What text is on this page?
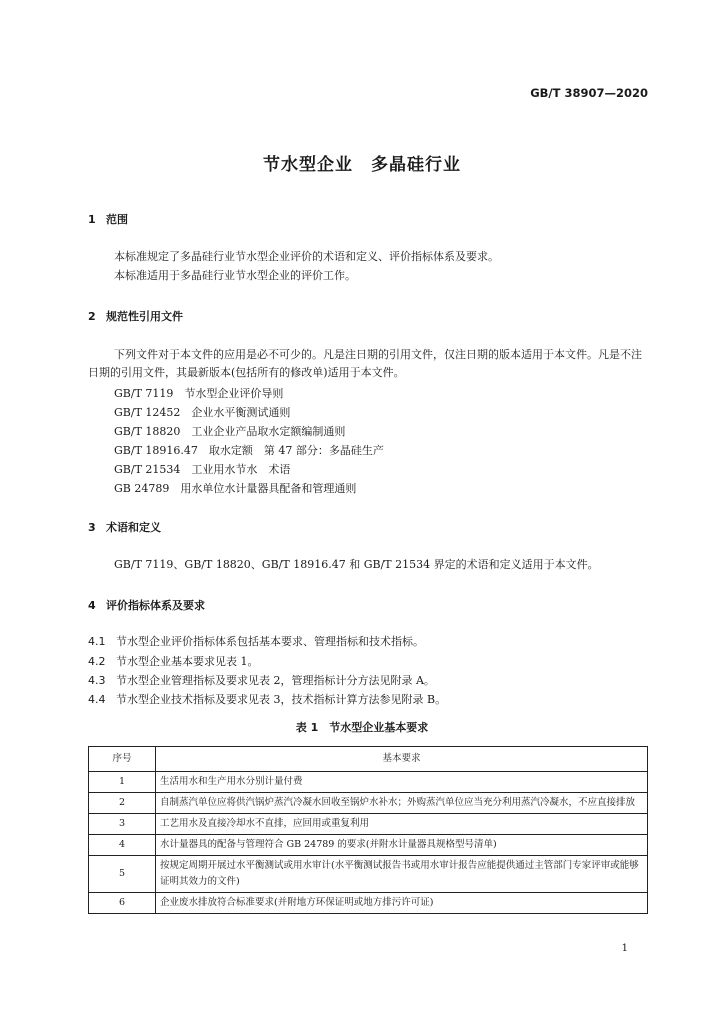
GB/T 38907—2020
节水型企业　多晶硅行业
1 范围
本标准规定了多晶硅行业节水型企业评价的术语和定义、评价指标体系及要求。
本标准适用于多晶硅行业节水型企业的评价工作。
2 规范性引用文件
下列文件对于本文件的应用是必不可少的。凡是注日期的引用文件，仅注日期的版本适用于本文件。凡是不注日期的引用文件，其最新版本(包括所有的修改单)适用于本文件。
GB/T 7119　节水型企业评价导则
GB/T 12452　企业水平衡测试通则
GB/T 18820　工业企业产品取水定额编制通则
GB/T 18916.47　取水定额　第 47 部分：多晶硅生产
GB/T 21534　工业用水节水　术语
GB 24789　用水单位水计量器具配备和管理通则
3 术语和定义
GB/T 7119、GB/T 18820、GB/T 18916.47 和 GB/T 21534 界定的术语和定义适用于本文件。
4 评价指标体系及要求
4.1 节水型企业评价指标体系包括基本要求、管理指标和技术指标。
4.2 节水型企业基本要求见表 1。
4.3 节水型企业管理指标及要求见表 2，管理指标计分方法见附录 A。
4.4 节水型企业技术指标及要求见表 3，技术指标计算方法参见附录 B。
表 1　节水型企业基本要求
序号	基本要求
1	生活用水和生产用水分别计量付费
2	自制蒸汽单位应将供汽锅炉蒸汽冷凝水回收至锅炉水补水；外购蒸汽单位应当充分利用蒸汽冷凝水，不应直接排放
3	工艺用水及直接冷却水不直排，应回用或重复利用
4	水计量器具的配备与管理符合 GB 24789 的要求(并附水计量器具规格型号清单)
5	按规定周期开展过水平衡测试或用水审计(水平衡测试报告书或用水审计报告应能提供通过主管部门专家评审或能够证明其效力的文件)
6	企业废水排放符合标准要求(并附地方环保证明或地方排污许可证)
1
